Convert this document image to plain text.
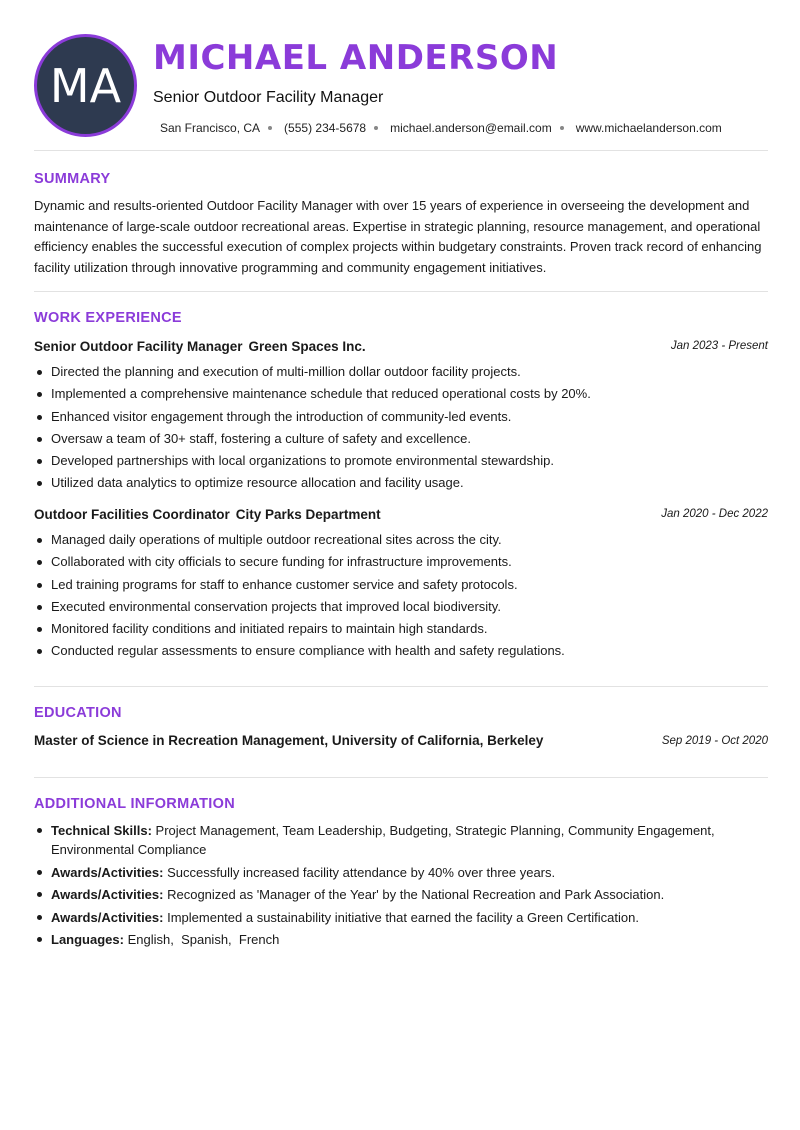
MA
MICHAEL ANDERSON
Senior Outdoor Facility Manager
San Francisco, CA (555) 234-5678 michael.anderson@email.com www.michaelanderson.com
SUMMARY
Dynamic and results-oriented Outdoor Facility Manager with over 15 years of experience in overseeing the development and maintenance of large-scale outdoor recreational areas. Expertise in strategic planning, resource management, and operational efficiency enables the successful execution of complex projects within budgetary constraints. Proven track record of enhancing facility utilization through innovative programming and community engagement initiatives.
WORK EXPERIENCE
Senior Outdoor Facility Manager Green Spaces Inc.	Jan 2023 - Present
Directed the planning and execution of multi-million dollar outdoor facility projects.
Implemented a comprehensive maintenance schedule that reduced operational costs by 20%.
Enhanced visitor engagement through the introduction of community-led events.
Oversaw a team of 30+ staff, fostering a culture of safety and excellence.
Developed partnerships with local organizations to promote environmental stewardship.
Utilized data analytics to optimize resource allocation and facility usage.
Outdoor Facilities Coordinator City Parks Department	Jan 2020 - Dec 2022
Managed daily operations of multiple outdoor recreational sites across the city.
Collaborated with city officials to secure funding for infrastructure improvements.
Led training programs for staff to enhance customer service and safety protocols.
Executed environmental conservation projects that improved local biodiversity.
Monitored facility conditions and initiated repairs to maintain high standards.
Conducted regular assessments to ensure compliance with health and safety regulations.
EDUCATION
Master of Science in Recreation Management, University of California, Berkeley	Sep 2019 - Oct 2020
ADDITIONAL INFORMATION
Technical Skills: Project Management, Team Leadership, Budgeting, Strategic Planning, Community Engagement, Environmental Compliance
Awards/Activities: Successfully increased facility attendance by 40% over three years.
Awards/Activities: Recognized as 'Manager of the Year' by the National Recreation and Park Association.
Awards/Activities: Implemented a sustainability initiative that earned the facility a Green Certification.
Languages: English,  Spanish,  French
